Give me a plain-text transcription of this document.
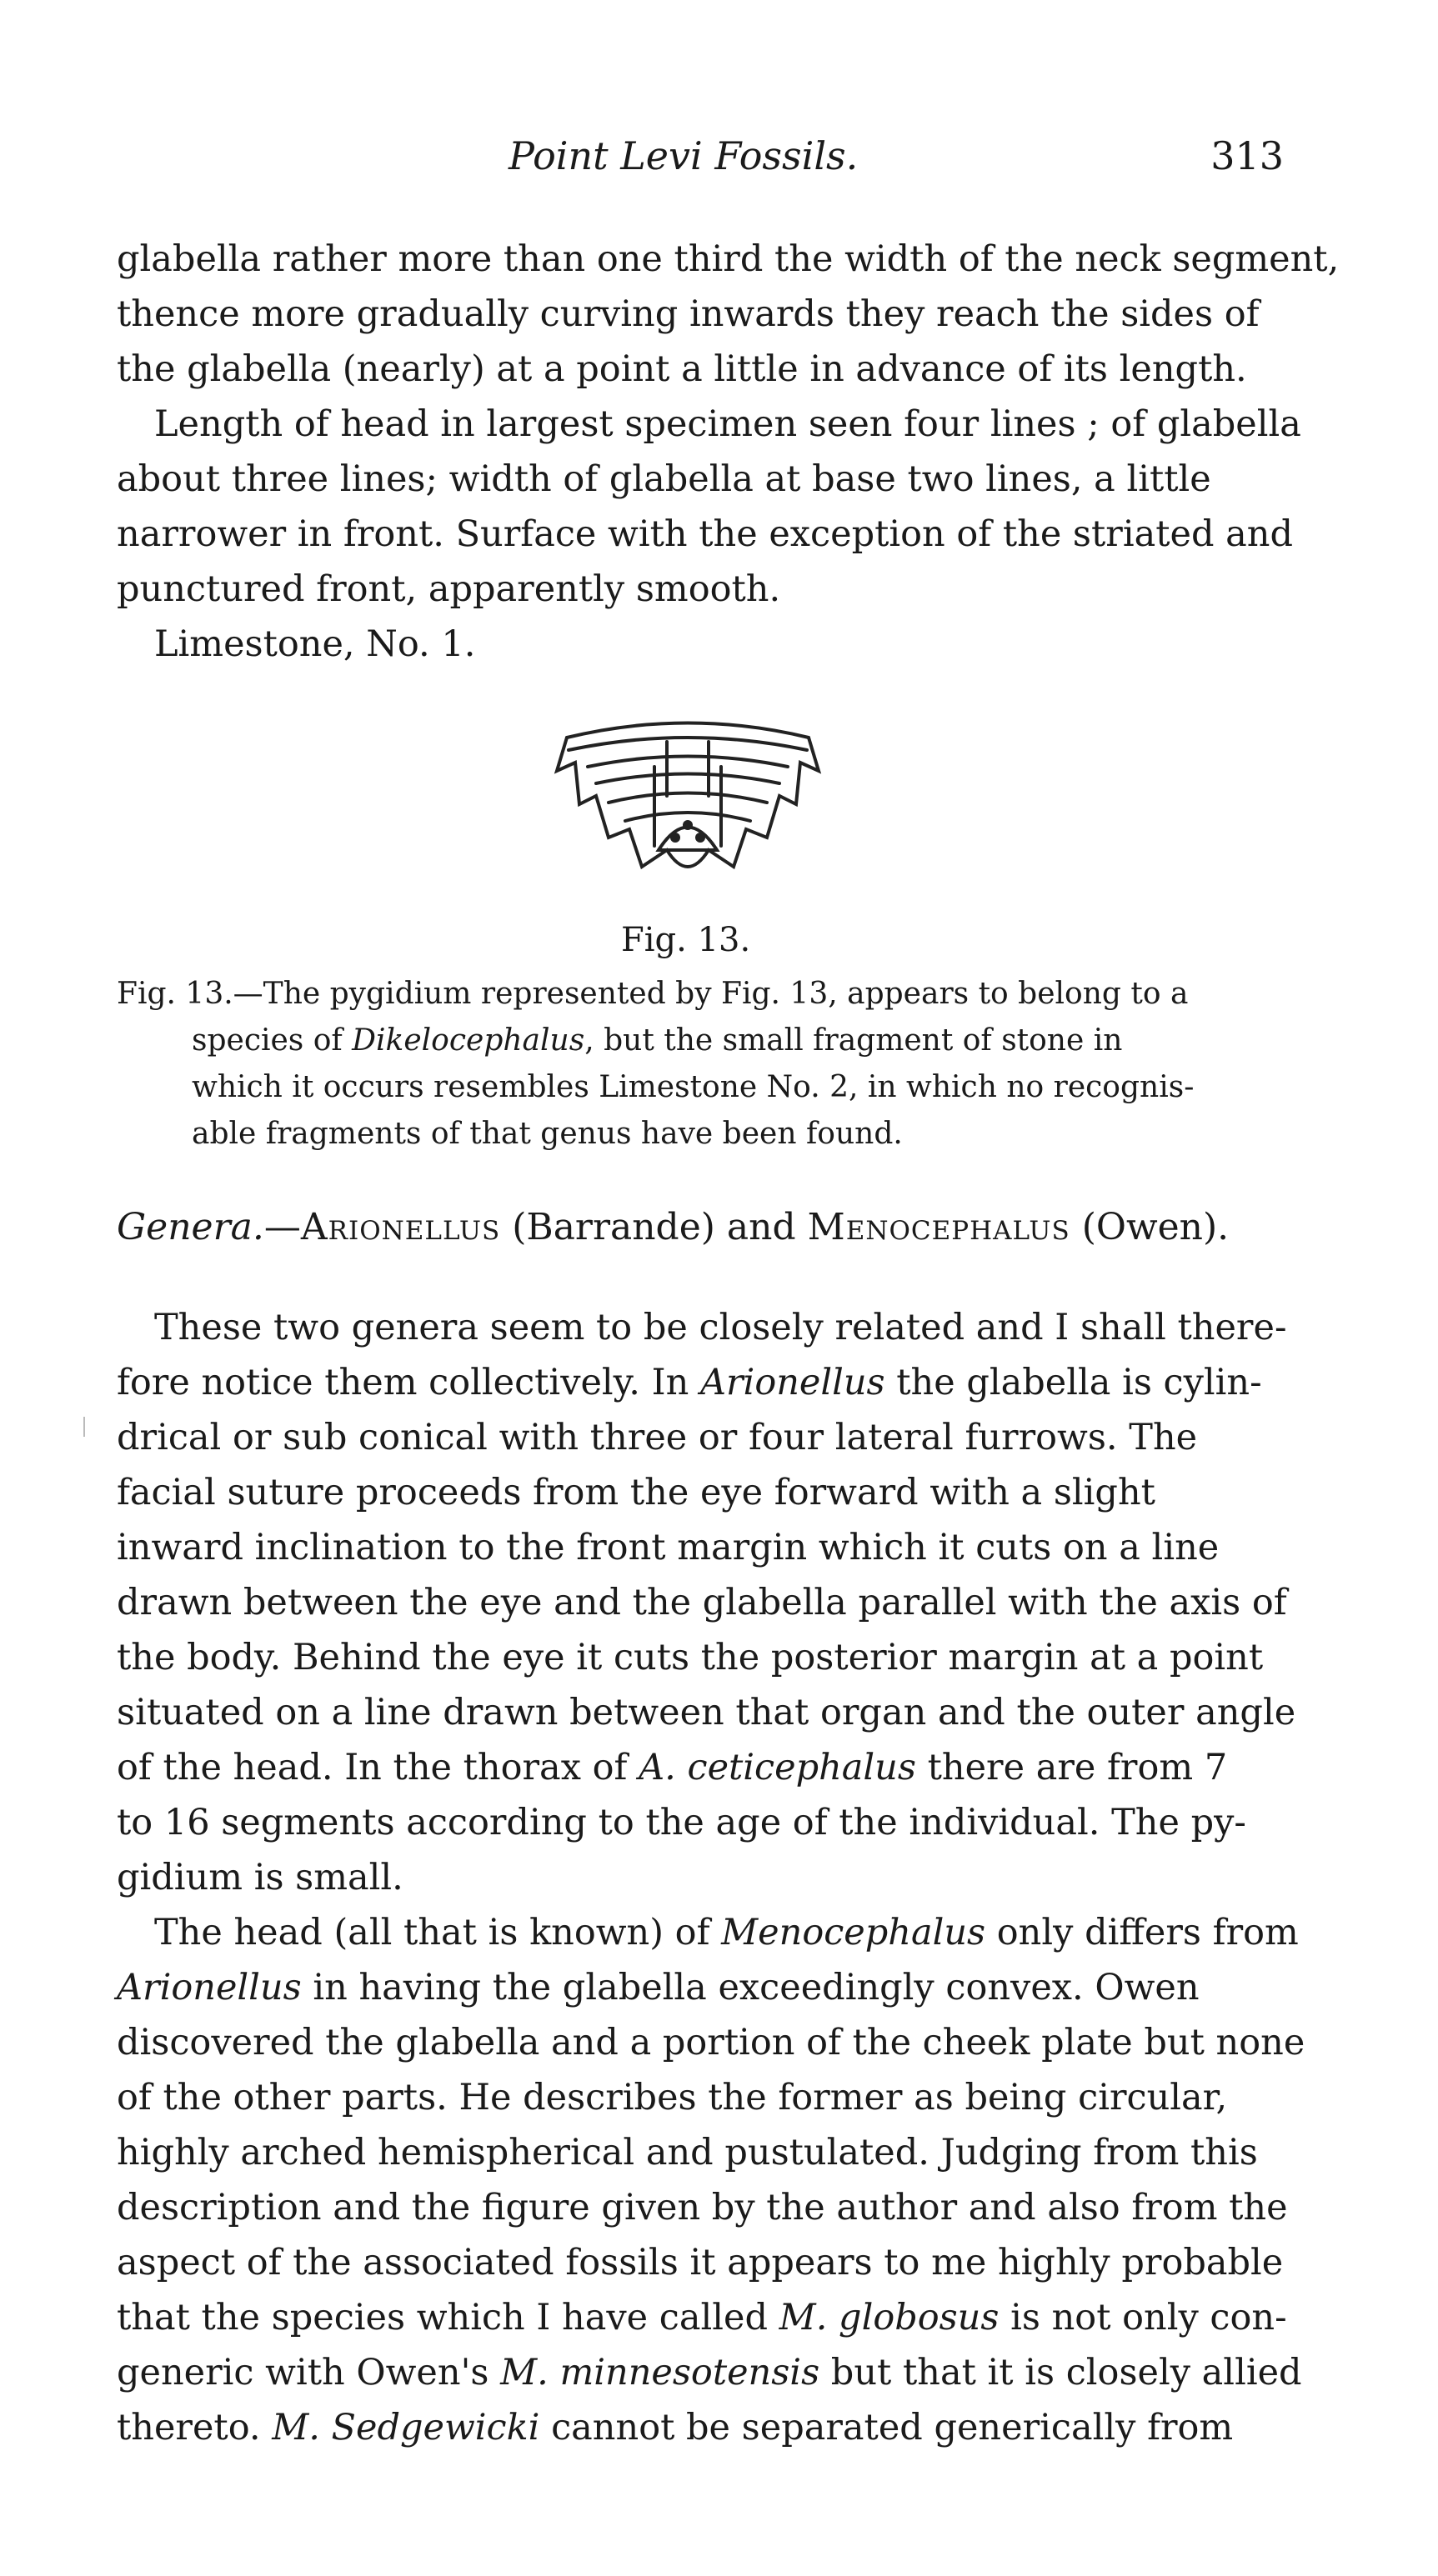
Point Levi Fossils.	313
glabella rather more than one third the width of the neck segment,
thence more gradually curving inwards they reach the sides of
the glabella (nearly) at a point a little in advance of its length.
Length of head in largest specimen seen four lines ; of glabella
about three lines; width of glabella at base two lines, a little
narrower in front. Surface with the exception of the striated and
punctured front, apparently smooth.
Limestone, No. 1.
Fig. 13.
Fig. 13.—The pygidium represented by Fig. 13, appears to belong to a
species of Dikelocephalus, but the small fragment of stone in
which it occurs resembles Limestone No. 2, in which no recognis-
able fragments of that genus have been found.
Genera.—Arionellus (Barrande) and Menocephalus (Owen).
These two genera seem to be closely related and I shall there-
fore notice them collectively. In Arionellus the glabella is cylin-
drical or sub conical with three or four lateral furrows. The
facial suture proceeds from the eye forward with a slight
inward inclination to the front margin which it cuts on a line
drawn between the eye and the glabella parallel with the axis of
the body. Behind the eye it cuts the posterior margin at a point
situated on a line drawn between that organ and the outer angle
of the head. In the thorax of A. ceticephalus there are from 7
to 16 segments according to the age of the individual. The py-
gidium is small.
The head (all that is known) of Menocephalus only differs from
Arionellus in having the glabella exceedingly convex. Owen
discovered the glabella and a portion of the cheek plate but none
of the other parts. He describes the former as being circular,
highly arched hemispherical and pustulated. Judging from this
description and the figure given by the author and also from the
aspect of the associated fossils it appears to me highly probable
that the species which I have called M. globosus is not only con-
generic with Owen's M. minnesotensis but that it is closely allied
thereto. M. Sedgewicki cannot be separated generically from
